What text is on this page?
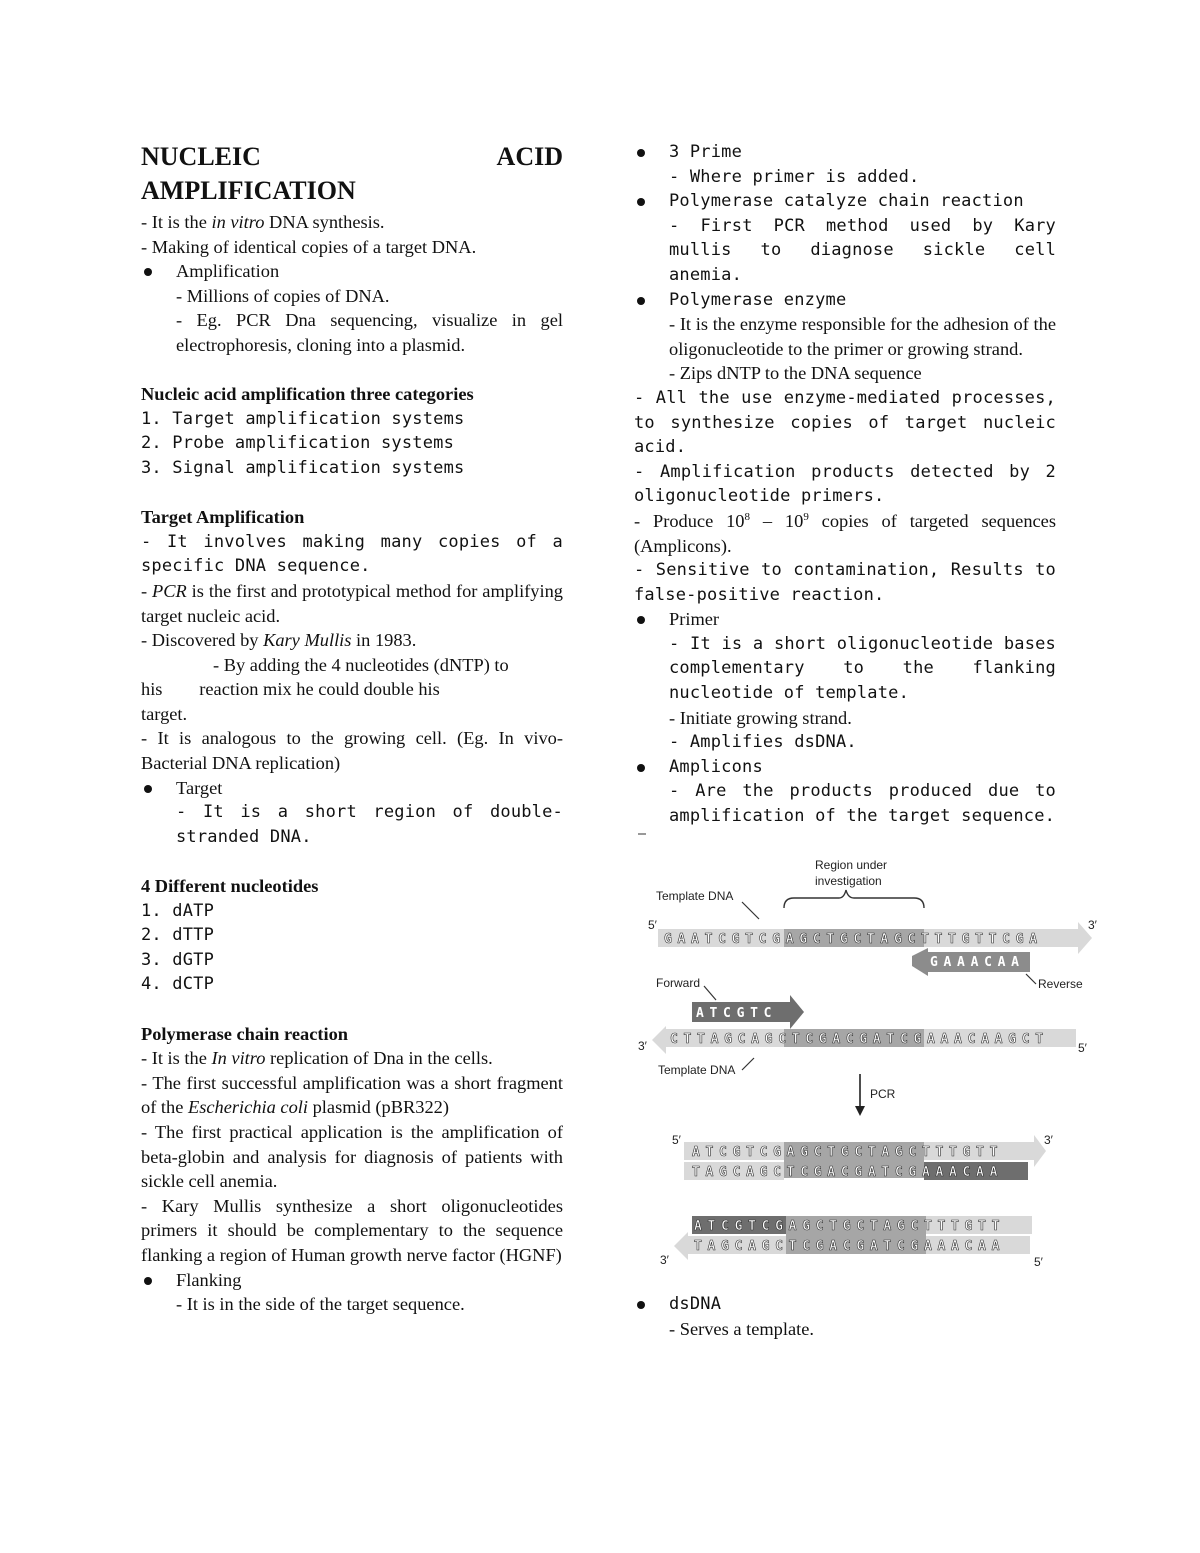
NUCLEIC	ACID
AMPLIFICATION

- It is the in vitro DNA synthesis.

- Making of identical copies of a target DNA.

Amplification

- Millions of copies of DNA.

- Eg. PCR Dna sequencing, visualize in gel electrophoresis, cloning into a plasmid.

Nucleic acid amplification three categories

1. Target amplification systems

2. Probe amplification systems

3. Signal amplification systems

Target Amplification

- It involves making many copies of a specific DNA sequence.

- PCR is the first and prototypical method for amplifying target nucleic acid.

- Discovered by Kary Mullis in 1983.

- By adding the 4 nucleotides (dNTP) to

his        reaction mix he could double his

target.

- It is analogous to the growing cell. (Eg. In vivo- Bacterial DNA replication)

Target

- It is a short region of double-stranded DNA.

4 Different nucleotides

1. dATP

2. dTTP

3. dGTP

4. dCTP

Polymerase chain reaction

- It is the In vitro replication of Dna in the cells.

- The first successful amplification was a short fragment of the Escherichia coli plasmid (pBR322)

- The first practical application is the amplification of beta-globin and analysis for diagnosis of patients with sickle cell anemia.

- Kary Mullis synthesize a short oligonucleotides primers it should be complementary to the sequence flanking a region of Human growth nerve factor (HGNF)

Flanking

- It is in the side of the target sequence.

3 Prime

- Where primer is added.

Polymerase catalyze chain reaction

- First PCR method used by Kary mullis to diagnose sickle cell anemia.

Polymerase enzyme

- It is the enzyme responsible for the adhesion of the oligonucleotide to the primer or growing strand.

- Zips dNTP to the DNA sequence

- All the use enzyme-mediated processes, to synthesize copies of target nucleic acid.

- Amplification products detected by 2 oligonucleotide primers.

- Produce $10^8 - 10^9$ copies of targeted sequences (Amplicons).

- Sensitive to contamination, Results to false-positive reaction.

Primer

- It is a short oligonucleotide bases complementary to the flanking nucleotide of template.

- Initiate growing strand.

- Amplifies dsDNA.

Amplicons

- Are the products produced due to amplification of the target sequence.

Region under
investigation
Template DNA
5′	3′
GAATCGTCGAGCTGCTAGCTTTGTTCGA
GAAACAA
Reverse
Forward
ATCGTC
3′	5′
CTTAGCAGCTCGACGATCGAAACAAGCT
Template DNA
PCR
5′	3′
ATCGTCGAGCTGCTAGCTTTGTT
TAGCAGCTCGACGATCGAAACAA
ATCGTCGAGCTGCTAGCTTTGTT
3′	5′
TAGCAGCTCGACGATCGAAACAA
dsDNA

- Serves a template.
